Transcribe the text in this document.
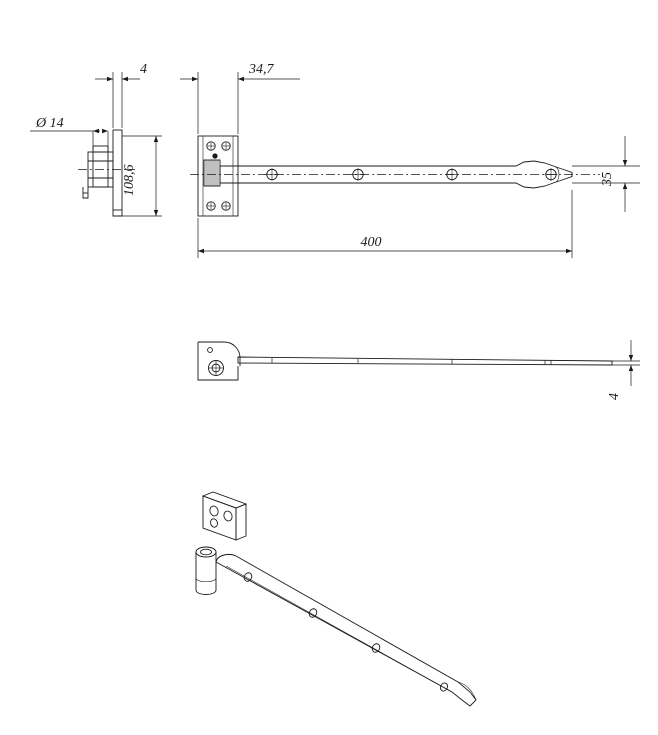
Ø 14
4
108,6
34,7
35
400
4
